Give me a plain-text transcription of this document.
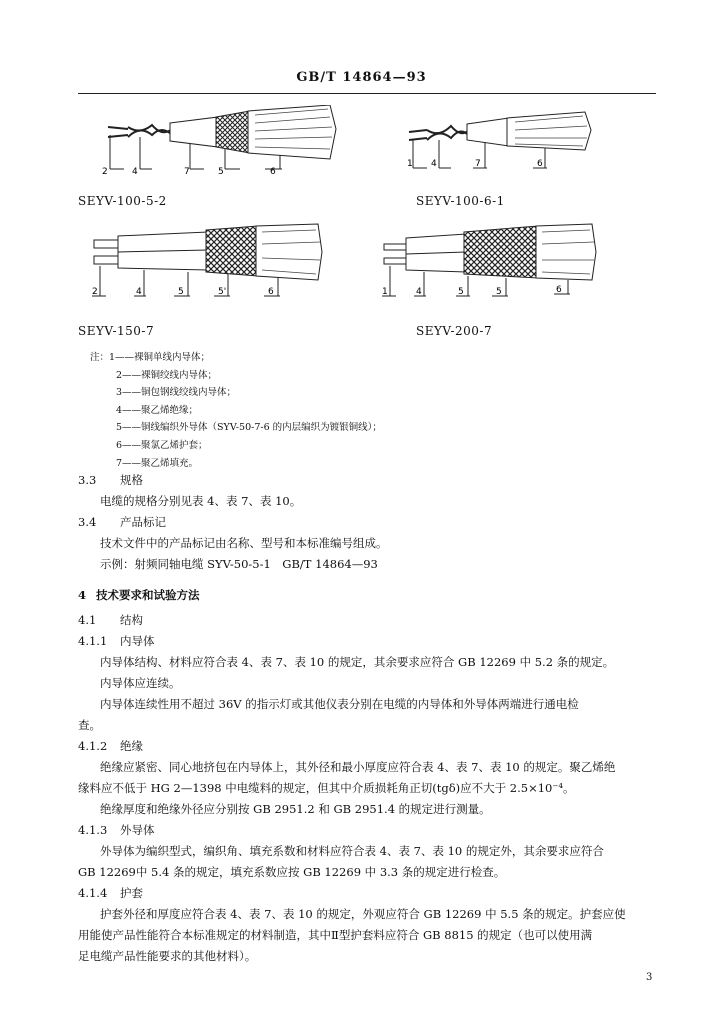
GB/T 14864—93
2	4	7	5	6
SEYV-100-5-2
1 4	7	6
SEYV-100-6-1
2	4	5	5'	6
SEYV-150-7
1	4	5	5	6
SEYV-200-7
注：1——裸铜单线内导体；
2——裸铜绞线内导体；
3——铜包钢线绞线内导体；
4——聚乙烯绝缘；
5——铜线编织外导体（SYV-50-7-6 的内层编织为镀银铜线）；
6——聚氯乙烯护套；
7——聚乙烯填充。
3.3 规格
电缆的规格分别见表 4、表 7、表 10。
3.4 产品标记
技术文件中的产品标记由名称、型号和本标准编号组成。
示例：射频同轴电缆 SYV-50-5-1　GB/T 14864—93
4 技术要求和试验方法
4.1 结构
4.1.1 内导体
内导体结构、材料应符合表 4、表 7、表 10 的规定，其余要求应符合 GB 12269 中 5.2 条的规定。
内导体应连续。
内导体连续性用不超过 36V 的指示灯或其他仪表分别在电缆的内导体和外导体两端进行通电检
查。
4.1.2 绝缘
绝缘应紧密、同心地挤包在内导体上，其外径和最小厚度应符合表 4、表 7、表 10 的规定。聚乙烯绝
缘料应不低于 HG 2—1398 中电缆料的规定，但其中介质损耗角正切(tgδ)应不大于 2.5×10⁻⁴。
绝缘厚度和绝缘外径应分别按 GB 2951.2 和 GB 2951.4 的规定进行测量。
4.1.3 外导体
外导体为编织型式，编织角、填充系数和材料应符合表 4、表 7、表 10 的规定外，其余要求应符合
GB 12269中 5.4 条的规定，填充系数应按 GB 12269 中 3.3 条的规定进行检查。
4.1.4 护套
护套外径和厚度应符合表 4、表 7、表 10 的规定，外观应符合 GB 12269 中 5.5 条的规定。护套应使
用能使产品性能符合本标准规定的材料制造，其中Ⅱ型护套料应符合 GB 8815 的规定（也可以使用满
足电缆产品性能要求的其他材料）。
3
